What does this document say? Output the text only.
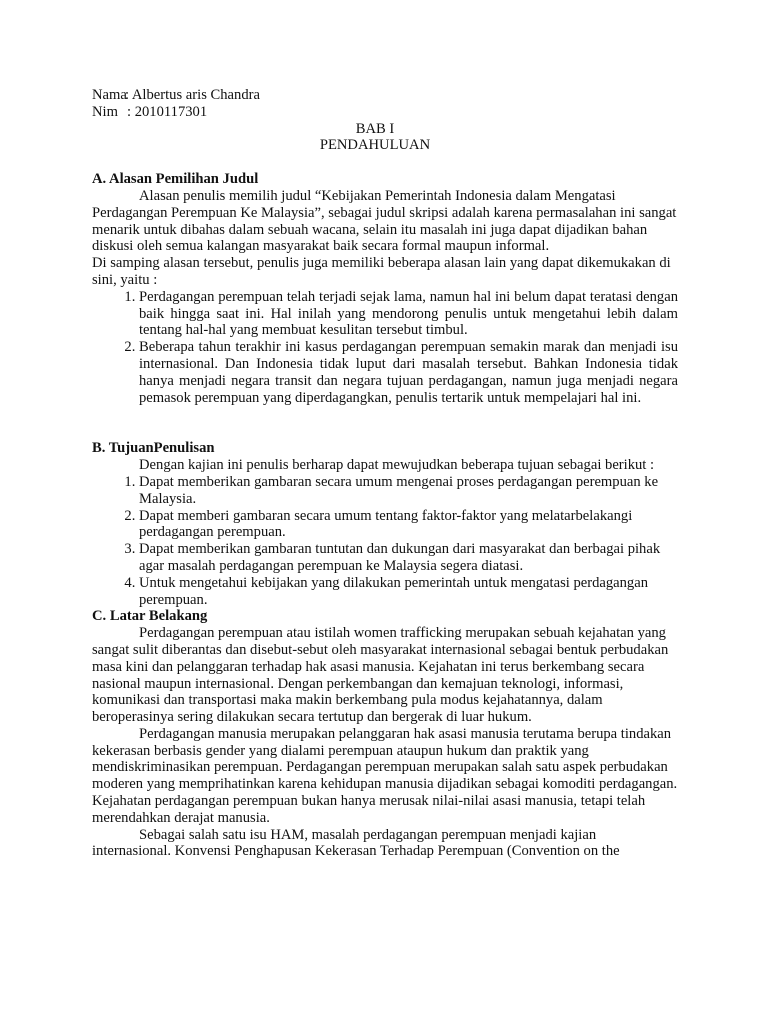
Nama: Albertus aris Chandra
Nim : 2010117301
BAB I
PENDAHULUAN
A. Alasan Pemilihan Judul

Alasan penulis memilih judul “Kebijakan Pemerintah Indonesia dalam Mengatasi Perdagangan Perempuan Ke Malaysia”, sebagai judul skripsi adalah karena permasalahan ini sangat menarik untuk dibahas dalam sebuah wacana, selain itu masalah ini juga dapat dijadikan bahan diskusi oleh semua kalangan masyarakat baik secara formal maupun informal.

Di samping alasan tersebut, penulis juga memiliki beberapa alasan lain yang dapat dikemukakan di sini, yaitu :

1. Perdagangan perempuan telah terjadi sejak lama, namun hal ini belum dapat teratasi dengan baik hingga saat ini. Hal inilah yang mendorong penulis untuk mengetahui lebih dalam tentang hal-hal yang membuat kesulitan tersebut timbul.
2. Beberapa tahun terakhir ini kasus perdagangan perempuan semakin marak dan menjadi isu internasional. Dan Indonesia tidak luput dari masalah tersebut. Bahkan Indonesia tidak hanya menjadi negara transit dan negara tujuan perdagangan, namun juga menjadi negara pemasok perempuan yang diperdagangkan, penulis tertarik untuk mempelajari hal ini.
B. TujuanPenulisan

Dengan kajian ini penulis berharap dapat mewujudkan beberapa tujuan sebagai berikut :

1. Dapat memberikan gambaran secara umum mengenai proses perdagangan perempuan ke Malaysia.
2. Dapat memberi gambaran secara umum tentang faktor-faktor yang melatarbelakangi perdagangan perempuan.
3. Dapat memberikan gambaran tuntutan dan dukungan dari masyarakat dan berbagai pihak agar masalah perdagangan perempuan ke Malaysia segera diatasi.
4. Untuk mengetahui kebijakan yang dilakukan pemerintah untuk mengatasi perdagangan perempuan.
C. Latar Belakang

Perdagangan perempuan atau istilah women trafficking merupakan sebuah kejahatan yang sangat sulit diberantas dan disebut-sebut oleh masyarakat internasional sebagai bentuk perbudakan masa kini dan pelanggaran terhadap hak asasi manusia. Kejahatan ini terus berkembang secara nasional maupun internasional. Dengan perkembangan dan kemajuan teknologi, informasi, komunikasi dan transportasi maka makin berkembang pula modus kejahatannya, dalam beroperasinya sering dilakukan secara tertutup dan bergerak di luar hukum.

Perdagangan manusia merupakan pelanggaran hak asasi manusia terutama berupa tindakan kekerasan berbasis gender yang dialami perempuan ataupun hukum dan praktik yang mendiskriminasikan perempuan. Perdagangan perempuan merupakan salah satu aspek perbudakan moderen yang memprihatinkan karena kehidupan manusia dijadikan sebagai komoditi perdagangan. Kejahatan perdagangan perempuan bukan hanya merusak nilai-nilai asasi manusia, tetapi telah merendahkan derajat manusia.

Sebagai salah satu isu HAM, masalah perdagangan perempuan menjadi kajian internasional. Konvensi Penghapusan Kekerasan Terhadap Perempuan (Convention on the
